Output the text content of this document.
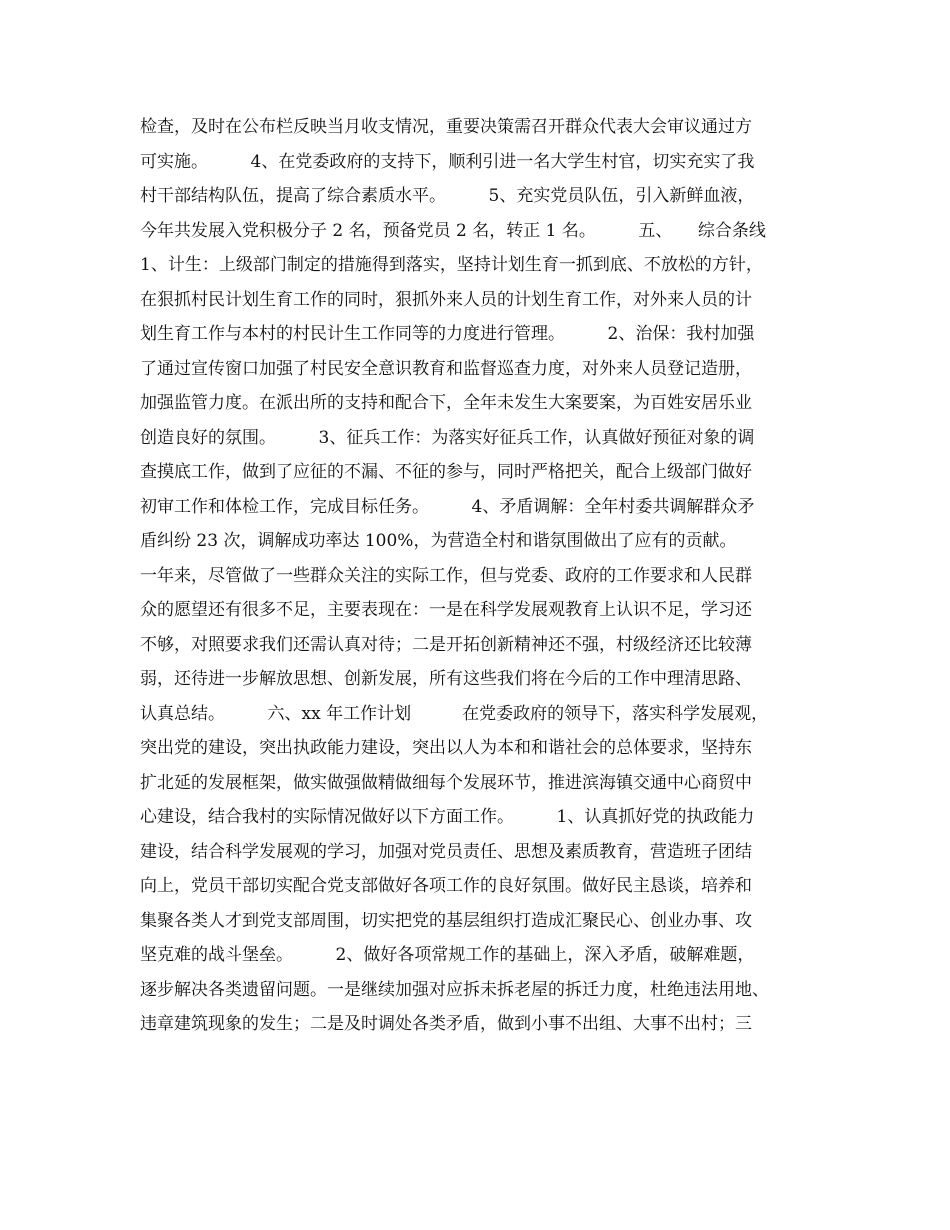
检查，及时在公布栏反映当月收支情况，重要决策需召开群众代表大会审议通过方
可实施。　　　4、在党委政府的支持下，顺利引进一名大学生村官，切实充实了我
村干部结构队伍，提高了综合素质水平。　　　5、充实党员队伍，引入新鲜血液，
今年共发展入党积极分子 2 名，预备党员 2 名，转正 1 名。　　　五、　　综合条线
1、计生：上级部门制定的措施得到落实，坚持计划生育一抓到底、不放松的方针，
在狠抓村民计划生育工作的同时，狠抓外来人员的计划生育工作，对外来人员的计
划生育工作与本村的村民计生工作同等的力度进行管理。　　　2、治保：我村加强
了通过宣传窗口加强了村民安全意识教育和监督巡查力度，对外来人员登记造册，
加强监管力度。在派出所的支持和配合下，全年未发生大案要案，为百姓安居乐业
创造良好的氛围。　　　3、征兵工作：为落实好征兵工作，认真做好预征对象的调
查摸底工作，做到了应征的不漏、不征的参与，同时严格把关，配合上级部门做好
初审工作和体检工作，完成目标任务。　　　4、矛盾调解：全年村委共调解群众矛
盾纠纷 23 次，调解成功率达 100%，为营造全村和谐氛围做出了应有的贡献。
一年来，尽管做了一些群众关注的实际工作，但与党委、政府的工作要求和人民群
众的愿望还有很多不足，主要表现在：一是在科学发展观教育上认识不足，学习还
不够，对照要求我们还需认真对待；二是开拓创新精神还不强，村级经济还比较薄
弱，还待进一步解放思想、创新发展，所有这些我们将在今后的工作中理清思路、
认真总结。　　　六、xx 年工作计划　　　在党委政府的领导下，落实科学发展观，
突出党的建设，突出执政能力建设，突出以人为本和和谐社会的总体要求，坚持东
扩北延的发展框架，做实做强做精做细每个发展环节，推进滨海镇交通中心商贸中
心建设，结合我村的实际情况做好以下方面工作。　　　1、认真抓好党的执政能力
建设，结合科学发展观的学习，加强对党员责任、思想及素质教育，营造班子团结
向上，党员干部切实配合党支部做好各项工作的良好氛围。做好民主恳谈，培养和
集聚各类人才到党支部周围，切实把党的基层组织打造成汇聚民心、创业办事、攻
坚克难的战斗堡垒。　　　2、做好各项常规工作的基础上，深入矛盾，破解难题，
逐步解决各类遗留问题。一是继续加强对应拆未拆老屋的拆迁力度，杜绝违法用地、
违章建筑现象的发生；二是及时调处各类矛盾，做到小事不出组、大事不出村；三
